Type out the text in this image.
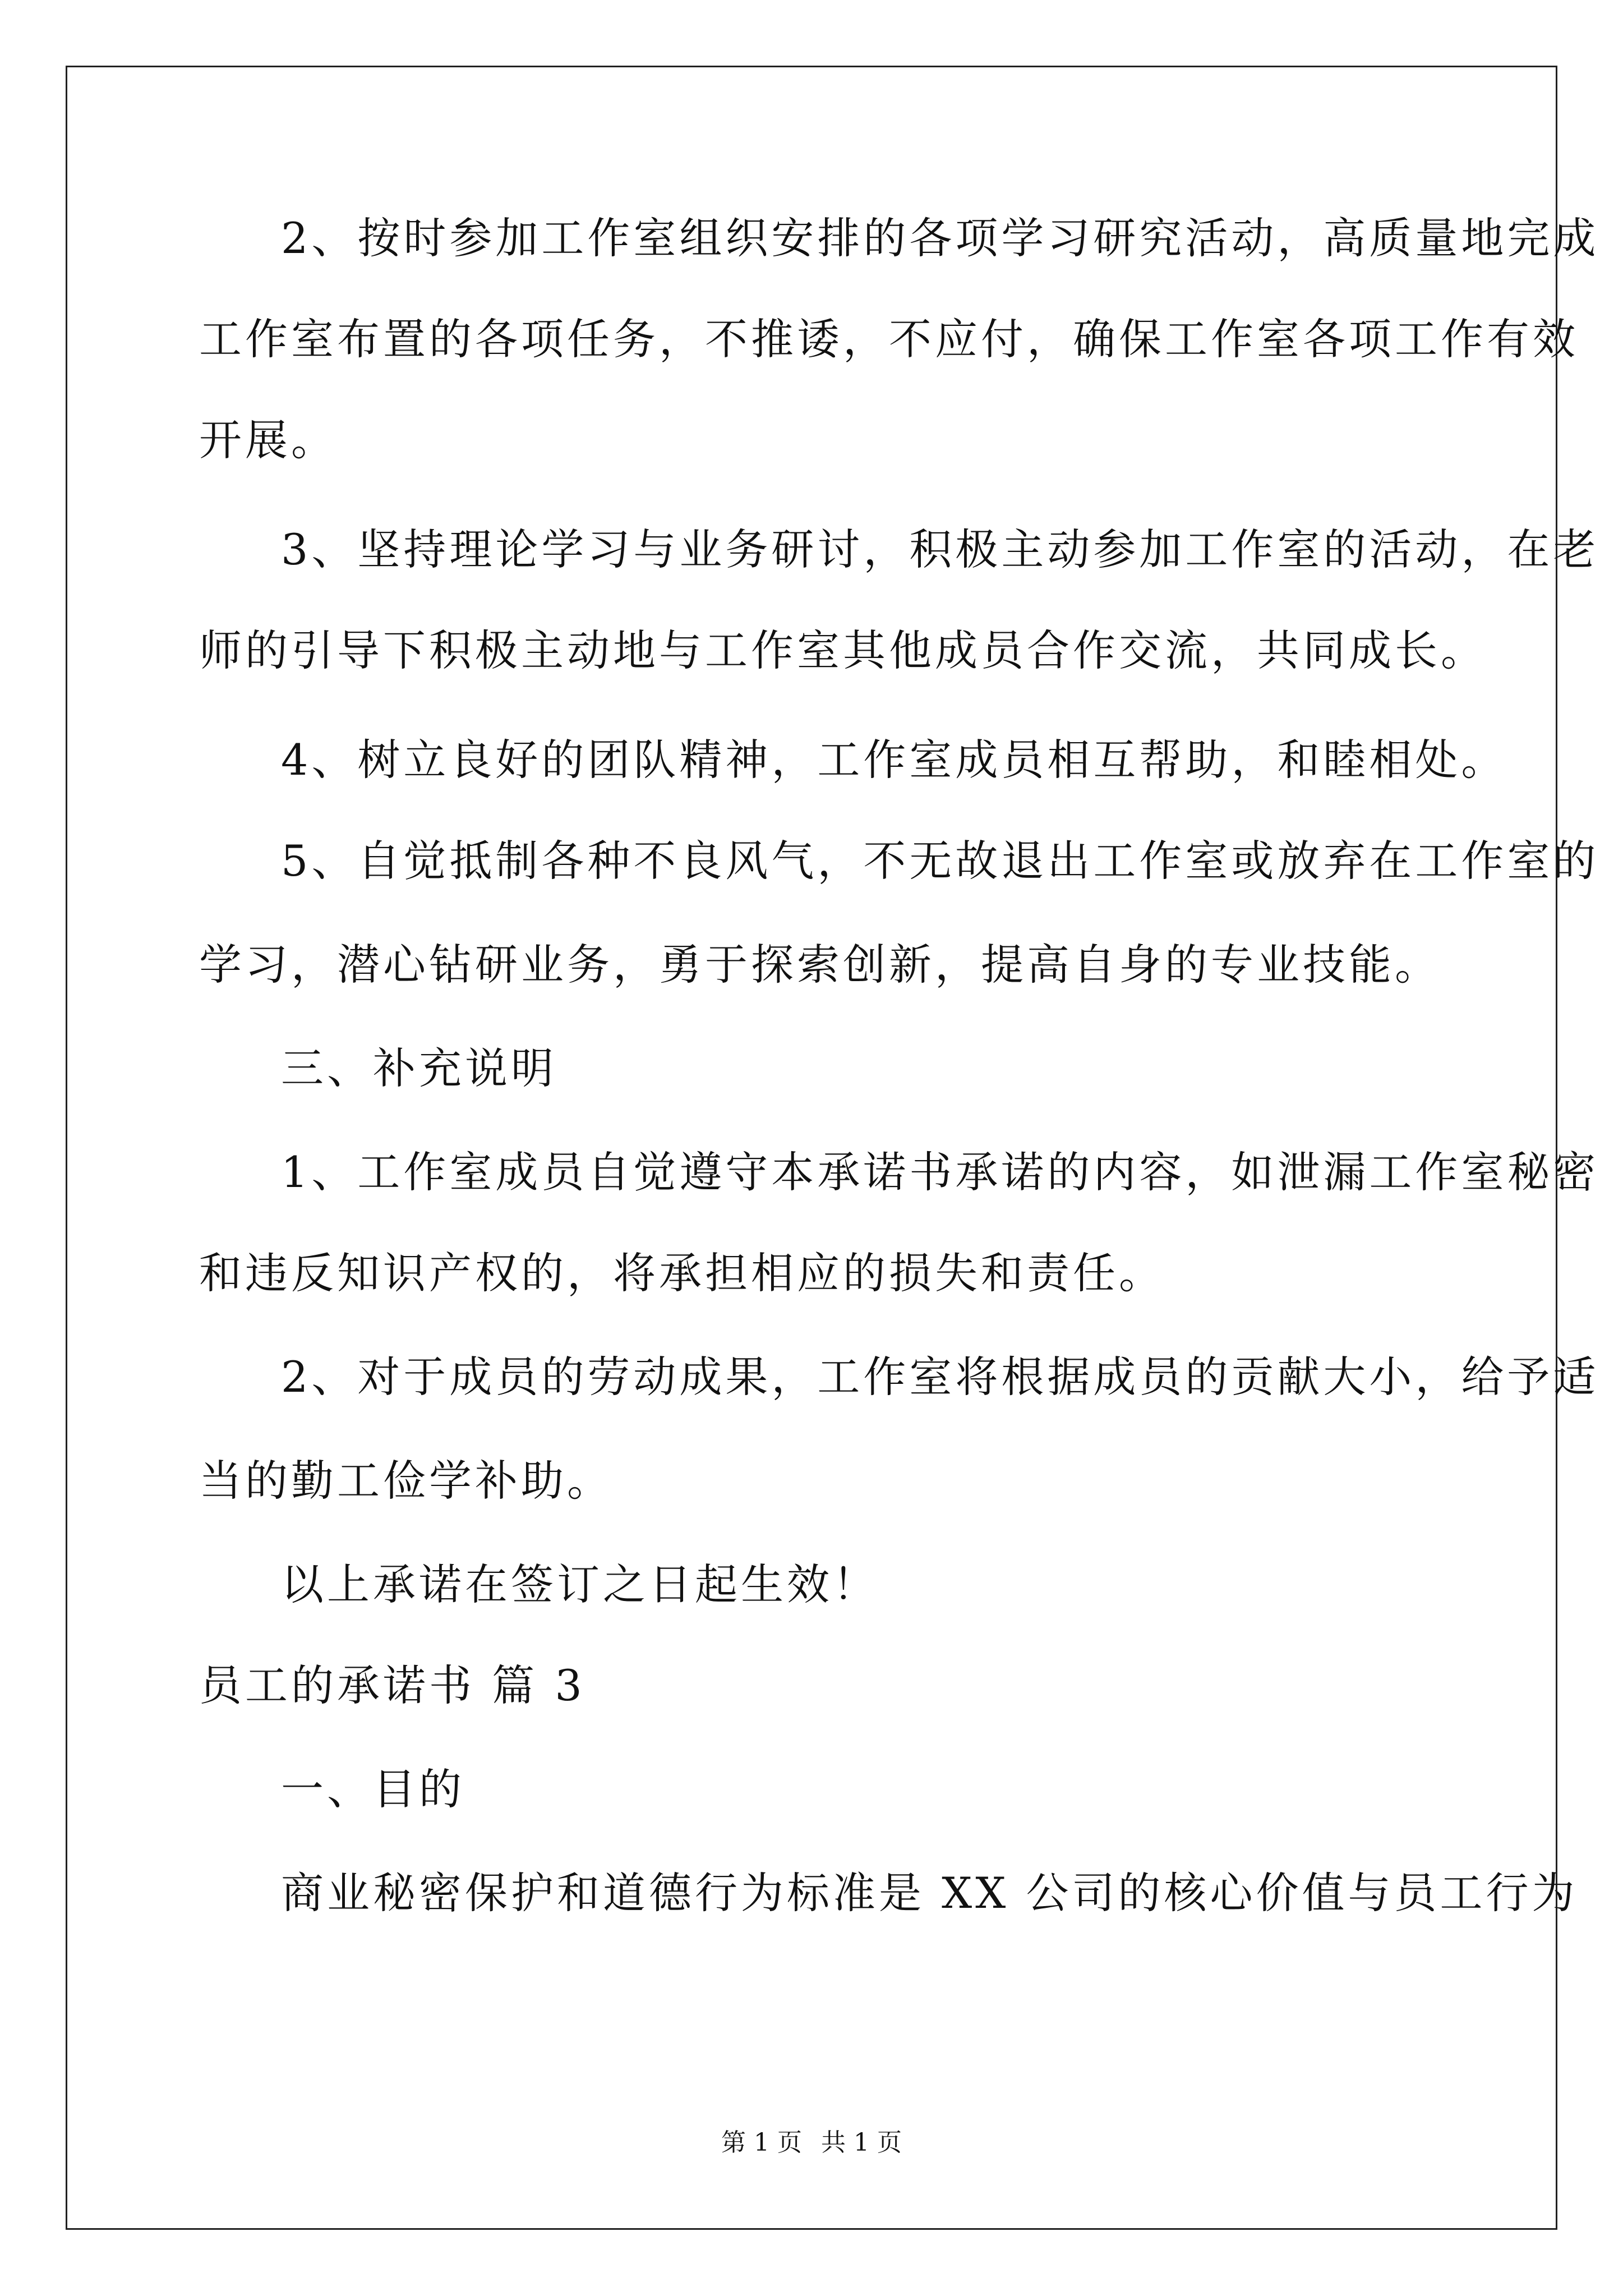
2、按时参加工作室组织安排的各项学习研究活动，高质量地完成
工作室布置的各项任务，不推诿，不应付，确保工作室各项工作有效
开展。
3、坚持理论学习与业务研讨，积极主动参加工作室的活动，在老
师的引导下积极主动地与工作室其他成员合作交流，共同成长。
4、树立良好的团队精神，工作室成员相互帮助，和睦相处。
5、自觉抵制各种不良风气，不无故退出工作室或放弃在工作室的
学习，潜心钻研业务，勇于探索创新，提高自身的专业技能。
三、补充说明
1、工作室成员自觉遵守本承诺书承诺的内容，如泄漏工作室秘密
和违反知识产权的，将承担相应的损失和责任。
2、对于成员的劳动成果，工作室将根据成员的贡献大小，给予适
当的勤工俭学补助。
以上承诺在签订之日起生效！
员工的承诺书 篇 3
一、目的
商业秘密保护和道德行为标准是 XX 公司的核心价值与员工行为
第 1 页 共 1 页
